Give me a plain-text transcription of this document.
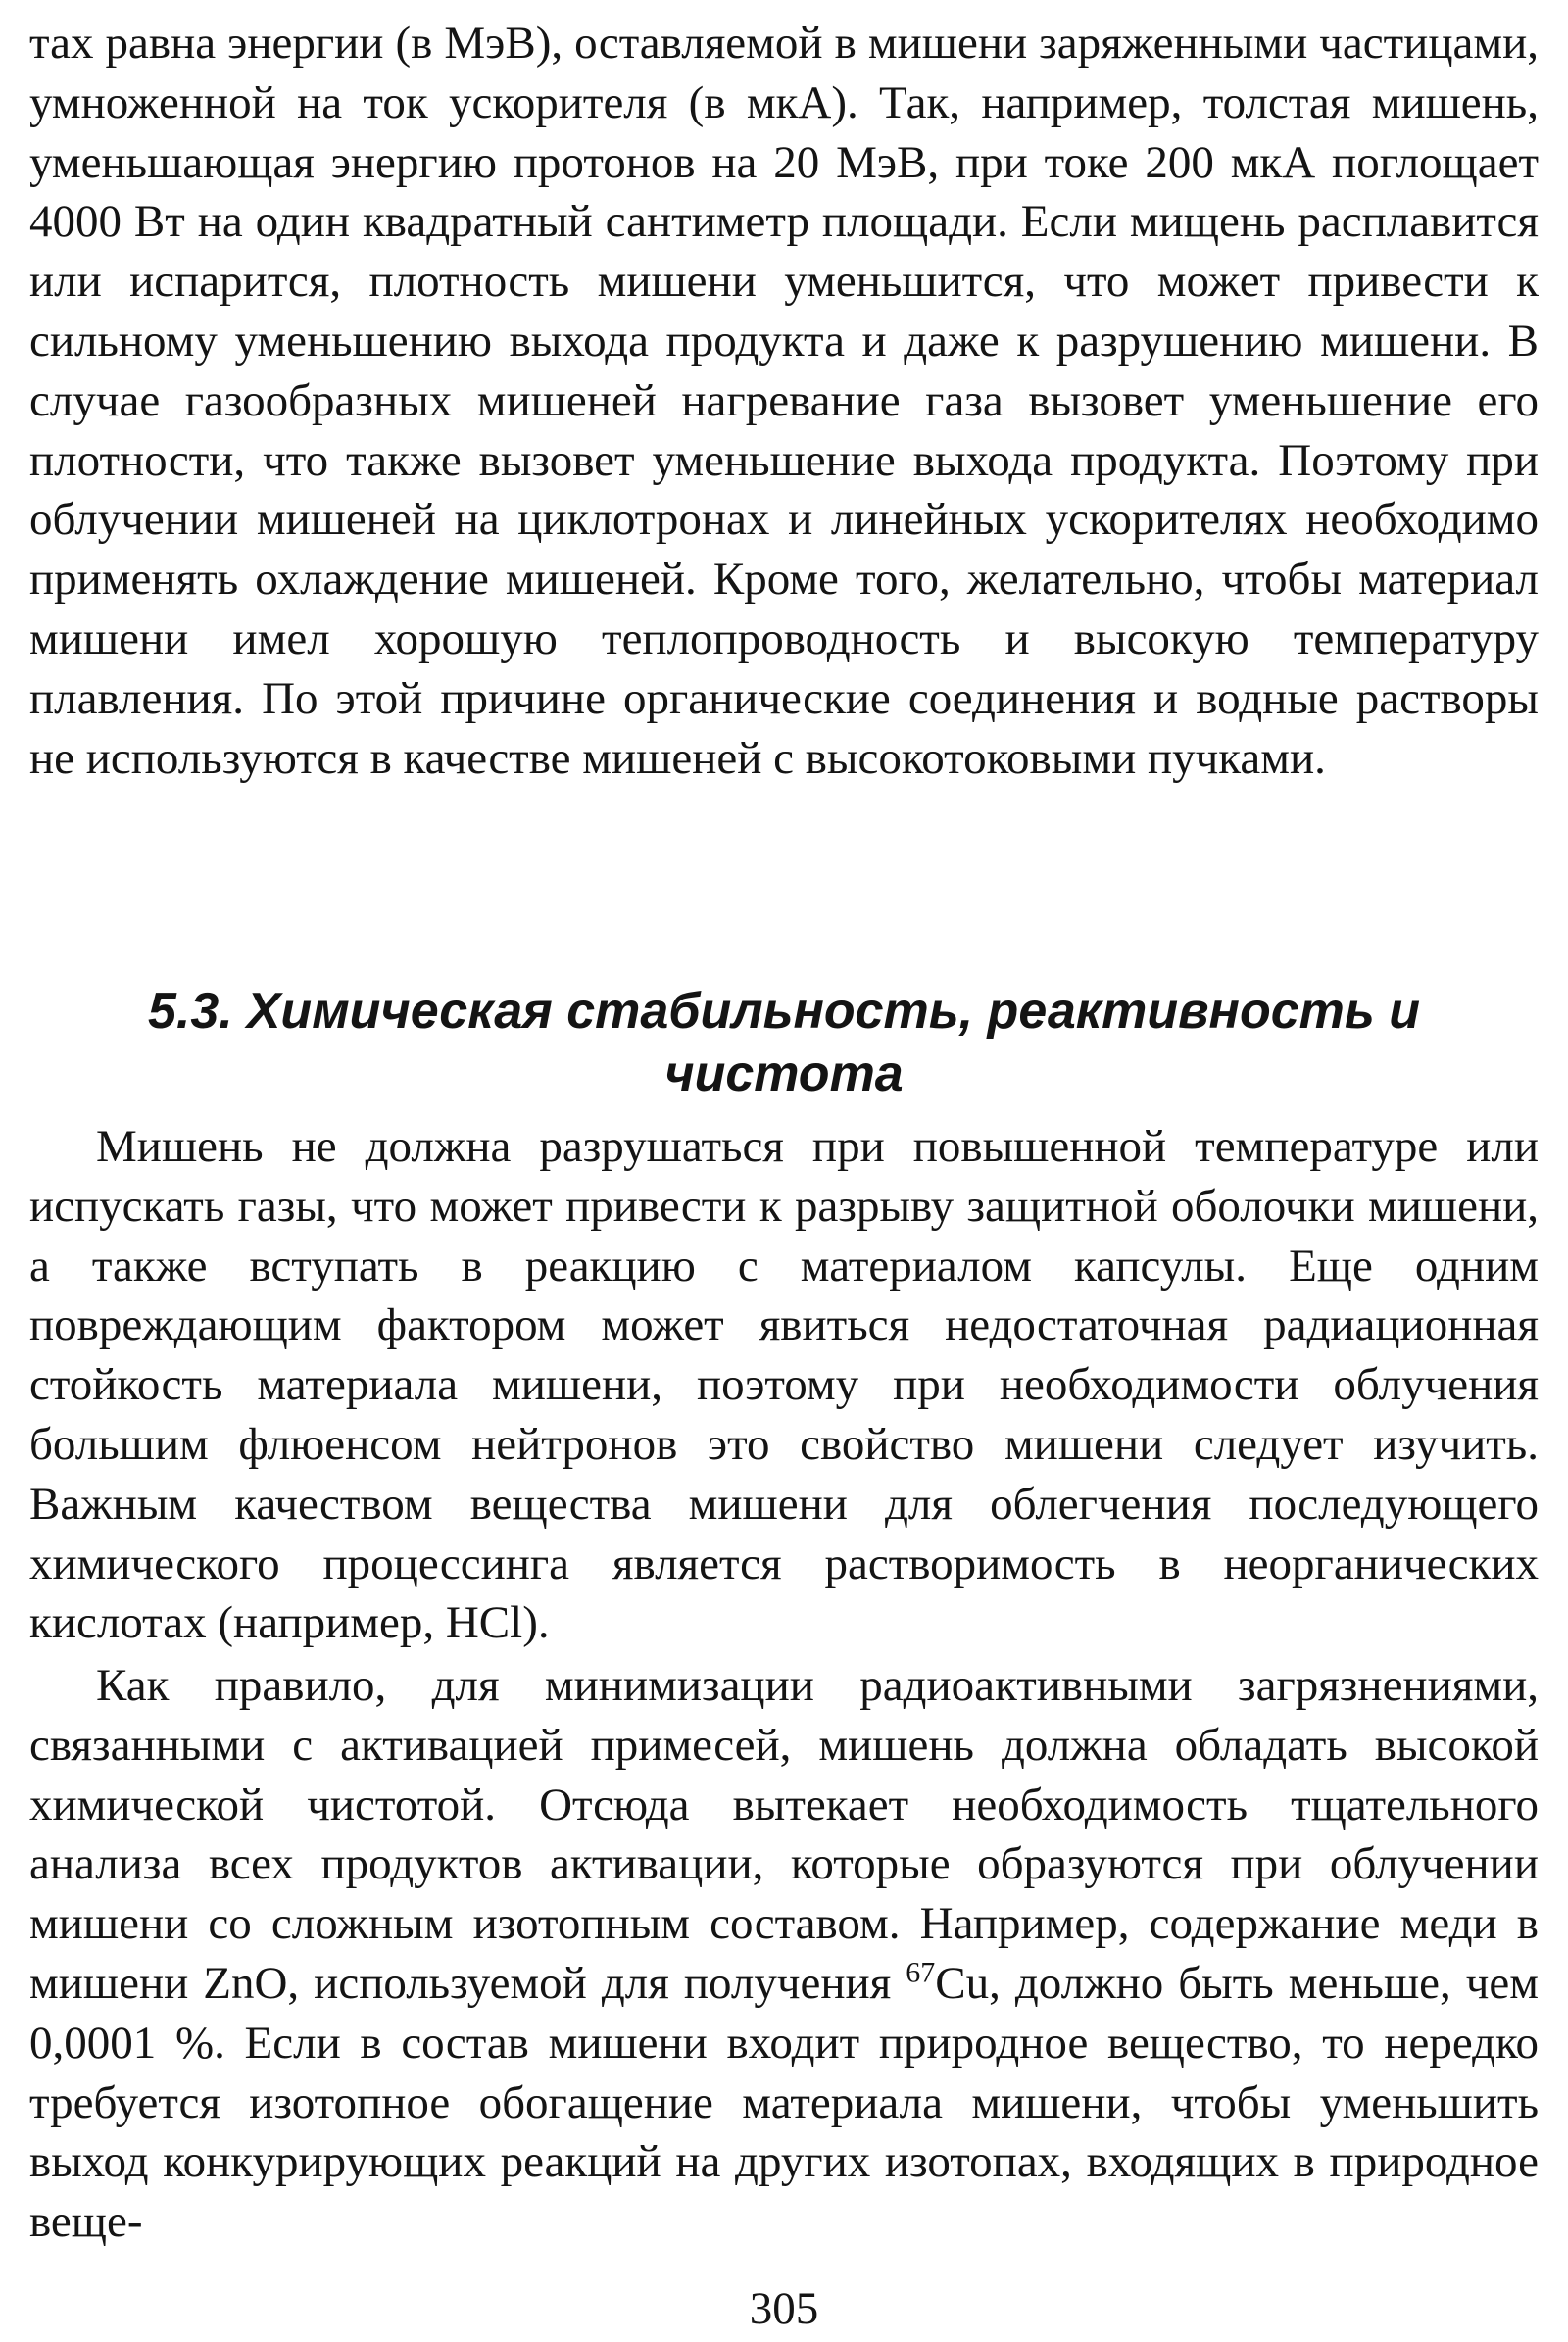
тах равна энергии (в МэВ), оставляемой в мишени заряженными частицами, умноженной на ток ускорителя (в мкА). Так, например, толстая мишень, уменьшающая энергию протонов на 20 МэВ, при токе 200 мкА поглощает 4000 Вт на один квадратный сантиметр площади. Если мищень расплавится или испарится, плотность мишени уменьшится, что может привести к сильному уменьшению выхода продукта и даже к разрушению мишени. В случае газообразных мишеней нагревание газа вызовет уменьшение его плотности, что также вызовет уменьшение выхода продукта. Поэтому при облучении мишеней на циклотронах и линейных ускорителях необходимо применять охлаждение мишеней. Кроме того, желательно, чтобы материал мишени имел хорошую теплопроводность и высокую температуру плавления. По этой причине органические соединения и водные растворы не используются в качестве мишеней с высокотоковыми пучками.

5.3. Химическая стабильность, реактивность и чистота

Мишень не должна разрушаться при повышенной температуре или испускать газы, что может привести к разрыву защитной оболочки мишени, а также вступать в реакцию с материалом капсулы. Еще одним повреждающим фактором может явиться недостаточная радиационная стойкость материала мишени, поэтому при необходимости облучения большим флюенсом нейтронов это свойство мишени следует изучить. Важным качеством вещества мишени для облегчения последующего химического процессинга является растворимость в неорганических кислотах (например, HCl).

Как правило, для минимизации радиоактивными загрязнениями, связанными с активацией примесей, мишень должна обладать высокой химической чистотой. Отсюда вытекает необходимость тщательного анализа всех продуктов активации, которые образуются при облучении мишени со сложным изотопным составом. Например, содержание меди в мишени ZnO, используемой для получения $^{67}$Cu, должно быть меньше, чем 0,0001 %. Если в состав мишени входит природное вещество, то нередко требуется изотопное обогащение материала мишени, чтобы уменьшить выход конкурирующих реакций на других изотопах, входящих в природное веще-

305
